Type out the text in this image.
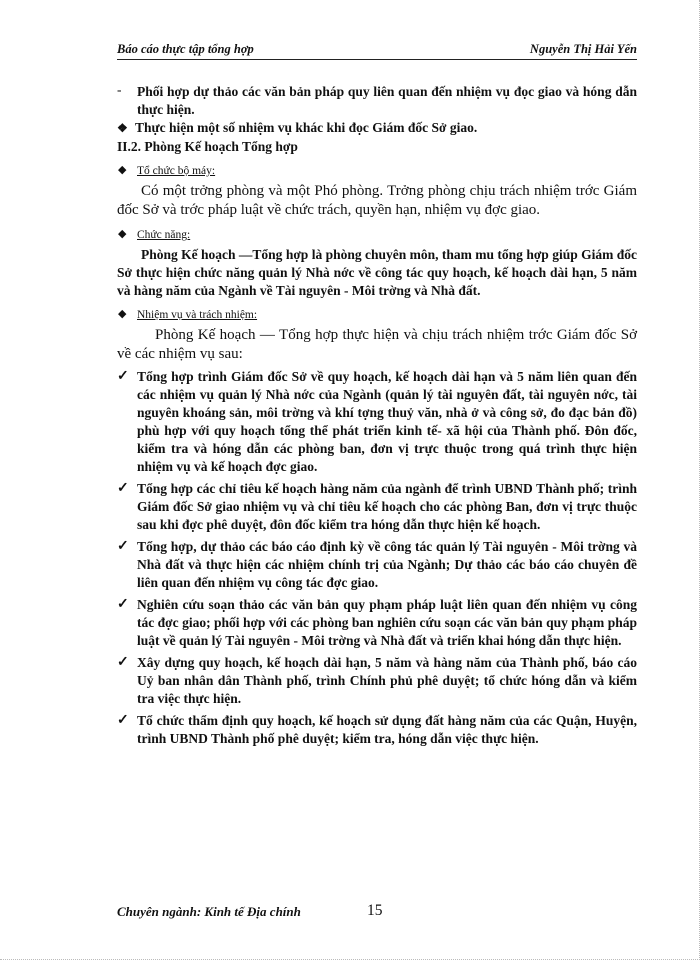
Báo cáo thực tập tổng hợp	Nguyễn Thị Hải Yến
- Phối hợp dự thảo các văn bản pháp quy liên quan đến nhiệm vụ đọc giao và hóng dẫn thực hiện.
❖ Thực hiện một số nhiệm vụ khác khi đọc Giám đốc Sở giao.
II.2. Phòng Kế hoạch Tổng hợp
◆ Tổ chức bộ máy:
Có một trởng phòng và một Phó phòng. Trởng phòng chịu trách nhiệm trớc Giám đốc Sở và trớc pháp luật về chức trách, quyền hạn, nhiệm vụ đợc giao.
◆ Chức năng:
Phòng Kế hoạch —Tổng hợp là phòng chuyên môn, tham mu tổng hợp giúp Giám đốc Sở thực hiện chức năng quản lý Nhà nớc về công tác quy hoạch, kế hoạch dài hạn, 5 năm và hàng năm của Ngành về Tài nguyên - Môi trờng và Nhà đất.
◆ Nhiệm vụ và trách nhiệm:
Phòng Kế hoạch — Tổng hợp thực hiện và chịu trách nhiệm trớc Giám đốc Sở về các nhiệm vụ sau:
✓ Tổng hợp trình Giám đốc Sở về quy hoạch, kế hoạch dài hạn và 5 năm liên quan đến các nhiệm vụ quản lý Nhà nớc của Ngành (quản lý tài nguyên đất, tài nguyên nớc, tài nguyên khoáng sản, môi trờng và khí tợng thuỷ văn, nhà ở và công sở, đo đạc bản đồ) phù hợp với quy hoạch tổng thể phát triển kinh tế- xã hội của Thành phố. Đôn đốc, kiểm tra và hóng dẫn các phòng ban, đơn vị trực thuộc trong quá trình thực hiện nhiệm vụ và kế hoạch đợc giao.
✓ Tổng hợp các chỉ tiêu kế hoạch hàng năm của ngành để trình UBND Thành phố; trình Giám đốc Sở giao nhiệm vụ và chỉ tiêu kế hoạch cho các phòng Ban, đơn vị trực thuộc sau khi đợc phê duyệt, đôn đốc kiểm tra hóng dẫn thực hiện kế hoạch.
✓ Tổng hợp, dự thảo các báo cáo định kỳ về công tác quản lý Tài nguyên - Môi trờng và Nhà đất và thực hiện các nhiệm chính trị của Ngành; Dự thảo các báo cáo chuyên đề liên quan đến nhiệm vụ công tác đợc giao.
✓ Nghiên cứu soạn thảo các văn bản quy phạm pháp luật liên quan đến nhiệm vụ công tác đợc giao; phối hợp với các phòng ban nghiên cứu soạn các văn bản quy phạm pháp luật về quản lý Tài nguyên - Môi trờng và Nhà đất và triển khai hóng dẫn thực hiện.
✓ Xây dựng quy hoạch, kế hoạch dài hạn, 5 năm và hàng năm của Thành phố, báo cáo Uỷ ban nhân dân Thành phố, trình Chính phủ phê duyệt; tổ chức hóng dẫn và kiểm tra việc thực hiện.
✓ Tổ chức thẩm định quy hoạch, kế hoạch sử dụng đất hàng năm của các Quận, Huyện, trình UBND Thành phố phê duyệt; kiểm tra, hóng dẫn việc thực hiện.
Chuyên ngành: Kinh tế Địa chính	15
